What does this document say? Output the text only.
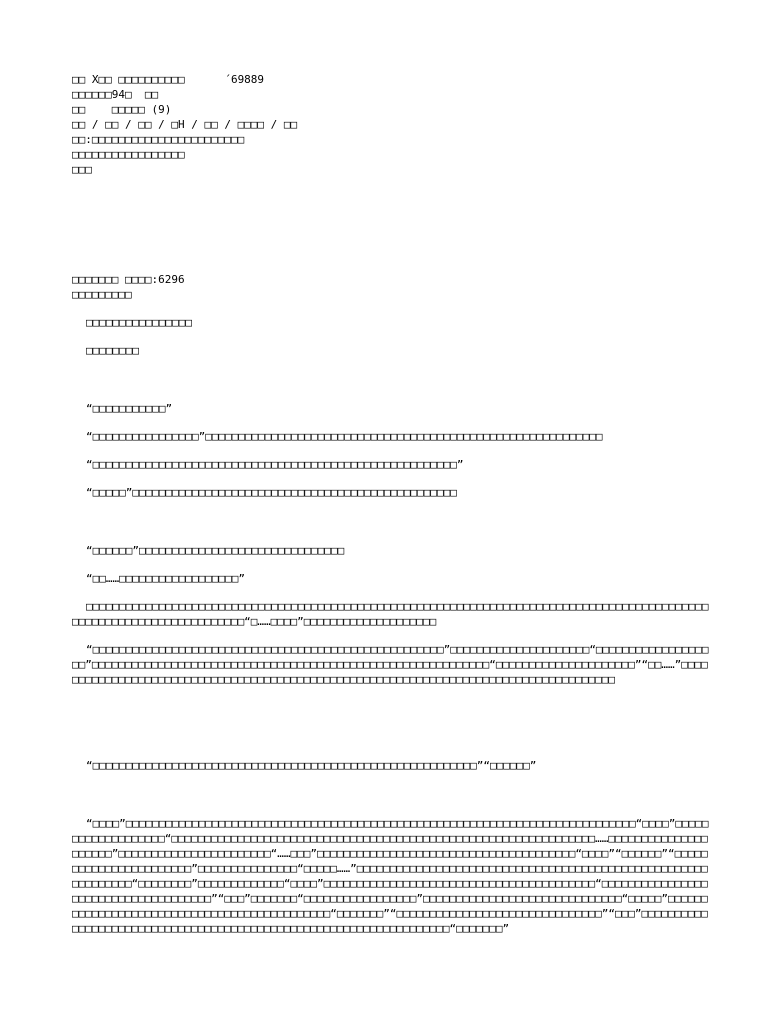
□□ X□□ □□□□□□□□□□      ´69889

□□□□□□94□  □□

□□    □□□□□ (9)

□□ / □□ / □□ / □H / □□ / □□□□ / □□

□□:□□□□□□□□□□□□□□□□□□□□□□□

□□□□□□□□□□□□□□□□□

□□□

□□□□□□□ □□□□:6296

□□□□□□□□□

□□□□□□□□□□□□□□□□

□□□□□□□□

“□□□□□□□□□□□”

“□□□□□□□□□□□□□□□□”□□□□□□□□□□□□□□□□□□□□□□□□□□□□□□□□□□□□□□□□□□□□□□□□□□□□□□□□□□□□

“□□□□□□□□□□□□□□□□□□□□□□□□□□□□□□□□□□□□□□□□□□□□□□□□□□□□□□□”

“□□□□□”□□□□□□□□□□□□□□□□□□□□□□□□□□□□□□□□□□□□□□□□□□□□□□□□□

“□□□□□□”□□□□□□□□□□□□□□□□□□□□□□□□□□□□□□□

“□□……□□□□□□□□□□□□□□□□□□”

□□□□□□□□□□□□□□□□□□□□□□□□□□□□□□□□□□□□□□□□□□□□□□□□□□□□□□□□□□□□□□□□□□□□□□□□□□□□□□□□□□□□□□□□□□□□□□□□□□□□□□□□□□□□□□□□□□□□□□□□“□……□□□□”□□□□□□□□□□□□□□□□□□□□

“□□□□□□□□□□□□□□□□□□□□□□□□□□□□□□□□□□□□□□□□□□□□□□□□□□□□□”□□□□□□□□□□□□□□□□□□□□□“□□□□□□□□□□□□□□□□□□□”□□□□□□□□□□□□□□□□□□□□□□□□□□□□□□□□□□□□□□□□□□□□□□□□□□□□□□□□□□□□“□□□□□□□□□□□□□□□□□□□□□”“□□……”□□□□□□□□□□□□□□□□□□□□□□□□□□□□□□□□□□□□□□□□□□□□□□□□□□□□□□□□□□□□□□□□□□□□□□□□□□□□□□□□□□□□□□

“□□□□□□□□□□□□□□□□□□□□□□□□□□□□□□□□□□□□□□□□□□□□□□□□□□□□□□□□□□”“□□□□□□”

“□□□□”□□□□□□□□□□□□□□□□□□□□□□□□□□□□□□□□□□□□□□□□□□□□□□□□□□□□□□□□□□□□□□□□□□□□□□□□□□□□□“□□□□”□□□□□□□□□□□□□□□□□□□“□□□□□□□□□□□□□□□□□□□□□□□□□□□□□□□□□□□□□□□□□□□□□□□□□□□□□□□□□□□□□□□□……□□□□□□□□□□□□□□□□□□□□□”□□□□□□□□□□□□□□□□□□□□□□□“……□□□”□□□□□□□□□□□□□□□□□□□□□□□□□□□□□□□□□□□□□□□“□□□□”“□□□□□□”“□□□□□□□□□□□□□□□□□□□□□□□”□□□□□□□□□□□□□□□“□□□□□……”□□□□□□□□□□□□□□□□□□□□□□□□□□□□□□□□□□□□□□□□□□□□□□□□□□□□□□□□□□□□□□“□□□□□□□□”□□□□□□□□□□□□□“□□□□”□□□□□□□□□□□□□□□□□□□□□□□□□□□□□□□□□□□□□□□□□“□□□□□□□□□□□□□□□□□□□□□□□□□□□□□□□□□□□□□”“□□□”□□□□□□□“□□□□□□□□□□□□□□□□□”□□□□□□□□□□□□□□□□□□□□□□□□□□□□□□“□□□□□”□□□□□□□□□□□□□□□□□□□□□□□□□□□□□□□□□□□□□□□□□□□□□“□□□□□□□”“□□□□□□□□□□□□□□□□□□□□□□□□□□□□□□□”“□□□”□□□□□□□□□□□□□□□□□□□□□□□□□□□□□□□□□□□□□□□□□□□□□□□□□□□□□□□□□□□□□□□□□□□“□□□□□□□”
